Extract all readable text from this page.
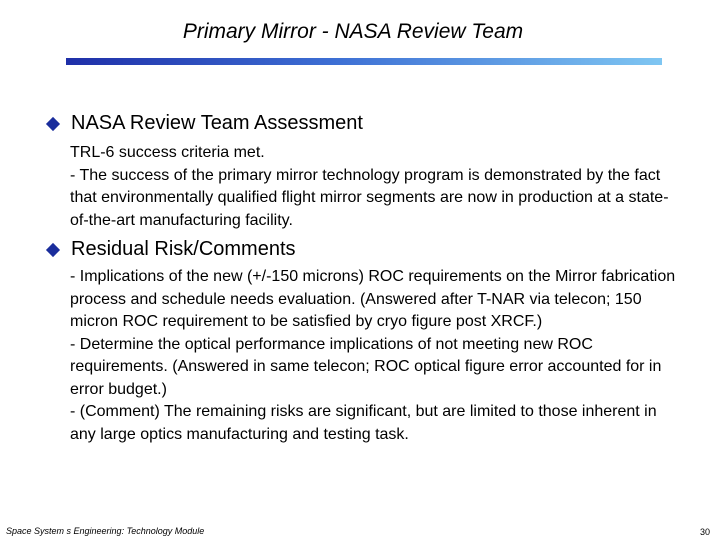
Primary Mirror - NASA Review Team
NASA Review Team Assessment

TRL-6 success criteria met.

- The success of the primary mirror technology program is demonstrated by the fact that environmentally qualified flight mirror segments are now in production at a state-of-the-art manufacturing facility.

Residual Risk/Comments

- Implications of the new (+/-150 microns) ROC requirements on the Mirror fabrication process and schedule needs evaluation. (Answered after T-NAR via telecon; 150 micron ROC requirement to be satisfied by cryo figure post XRCF.)

- Determine the optical performance implications of not meeting new ROC requirements. (Answered in same telecon; ROC optical figure error accounted for in error budget.)

- (Comment) The remaining risks are significant, but are limited to those inherent in any large optics manufacturing and testing task.

Space System s Engineering: Technology Module	30
